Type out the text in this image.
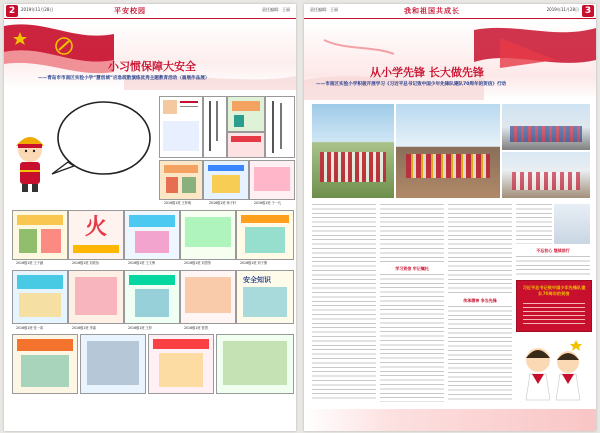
2	2019年11月28日	平安校园	责任编辑：王丽
小习惯保障大安全
——青岛市市南区实验小学“慧创城”应急疏散演练优秀主题教育活动（画展作品展）
2016级1班 王梓萌	2016级1班 杨子轩	2016级1班 于一凡
火
2016级1班 王子涵	2016级1班 刘欣怡	2016级1班 王文博	2016级1班 刘思彤	2016级1班 刘子墨
安全知识
2016级1班 张一诺	2016级1班 李嘉	2016级1班 王梓	2016级1班 管思
责任编辑：王丽	我和祖国共成长	2019年11月28日 3
从小学先锋 长大做先锋
——市南区实验小学积极开展学习《习近平总书记致中国少年先锋队建队70周年的贺信》行动
学习贺信 牢记嘱托
传承精神 争当先锋
不忘初心 继续前行
习近平总书记致中国少年先锋队建队70周年的贺信
